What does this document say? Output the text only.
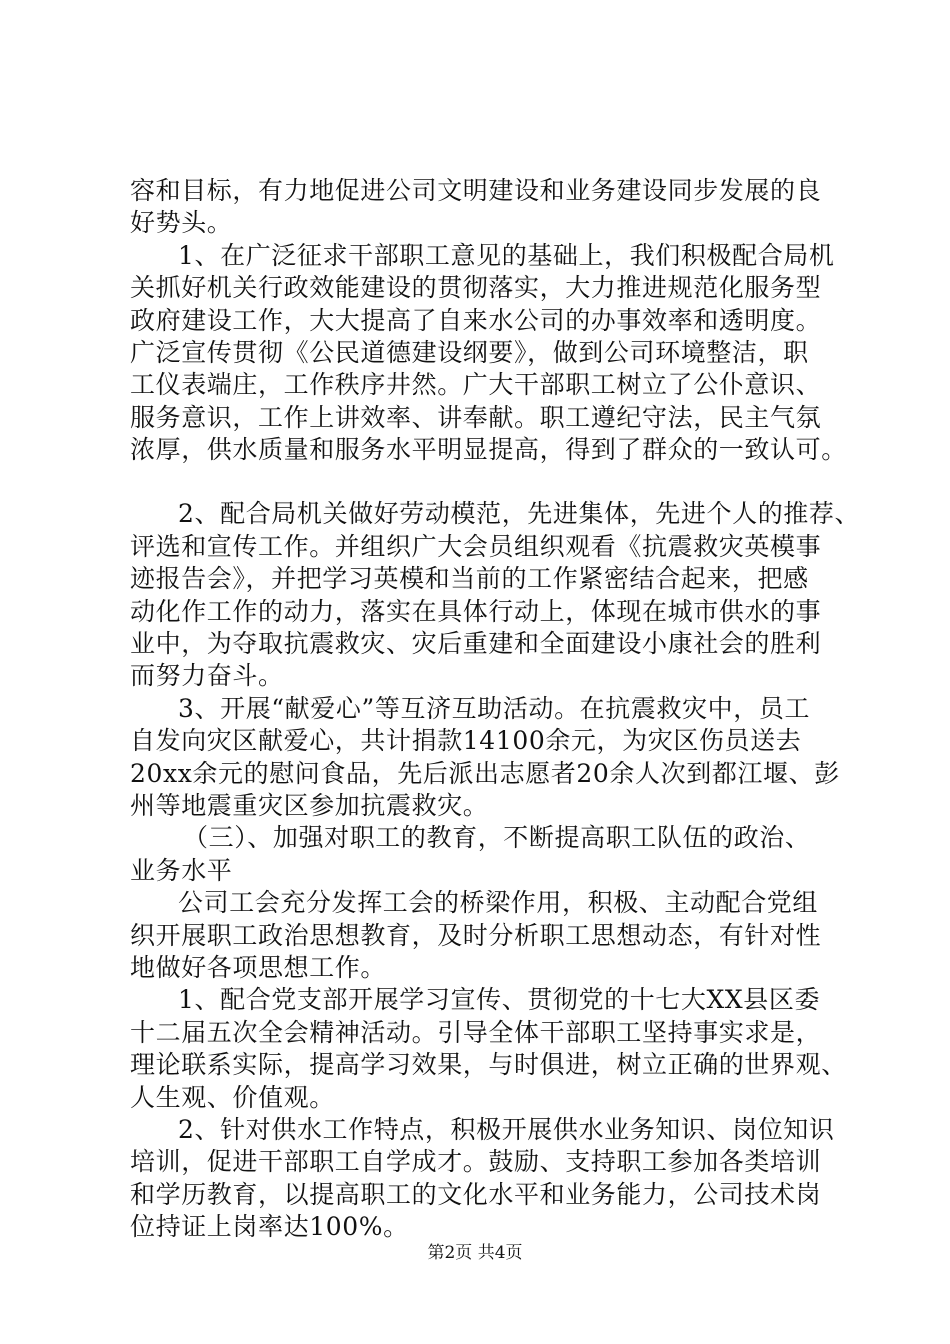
容和目标，有力地促进公司文明建设和业务建设同步发展的良
好势头。
1、在广泛征求干部职工意见的基础上，我们积极配合局机
关抓好机关行政效能建设的贯彻落实，大力推进规范化服务型
政府建设工作，大大提高了自来水公司的办事效率和透明度。
广泛宣传贯彻《公民道德建设纲要》，做到公司环境整洁，职
工仪表端庄，工作秩序井然。广大干部职工树立了公仆意识、
服务意识，工作上讲效率、讲奉献。职工遵纪守法，民主气氛
浓厚，供水质量和服务水平明显提高，得到了群众的一致认可。
2、配合局机关做好劳动模范，先进集体，先进个人的推荐、
评选和宣传工作。并组织广大会员组织观看《抗震救灾英模事
迹报告会》，并把学习英模和当前的工作紧密结合起来，把感
动化作工作的动力，落实在具体行动上，体现在城市供水的事
业中，为夺取抗震救灾、灾后重建和全面建设小康社会的胜利
而努力奋斗。
3、开展“献爱心”等互济互助活动。在抗震救灾中，员工
自发向灾区献爱心，共计捐款14100余元，为灾区伤员送去
20xx余元的慰问食品，先后派出志愿者20余人次到都江堰、彭
州等地震重灾区参加抗震救灾。
（三）、加强对职工的教育，不断提高职工队伍的政治、
业务水平
公司工会充分发挥工会的桥梁作用，积极、主动配合党组
织开展职工政治思想教育，及时分析职工思想动态，有针对性
地做好各项思想工作。
1、配合党支部开展学习宣传、贯彻党的十七大XX县区委
十二届五次全会精神活动。引导全体干部职工坚持事实求是，
理论联系实际，提高学习效果，与时俱进，树立正确的世界观、
人生观、价值观。
2、针对供水工作特点，积极开展供水业务知识、岗位知识
培训，促进干部职工自学成才。鼓励、支持职工参加各类培训
和学历教育，以提高职工的文化水平和业务能力，公司技术岗
位持证上岗率达100%。
第2页 共4页
